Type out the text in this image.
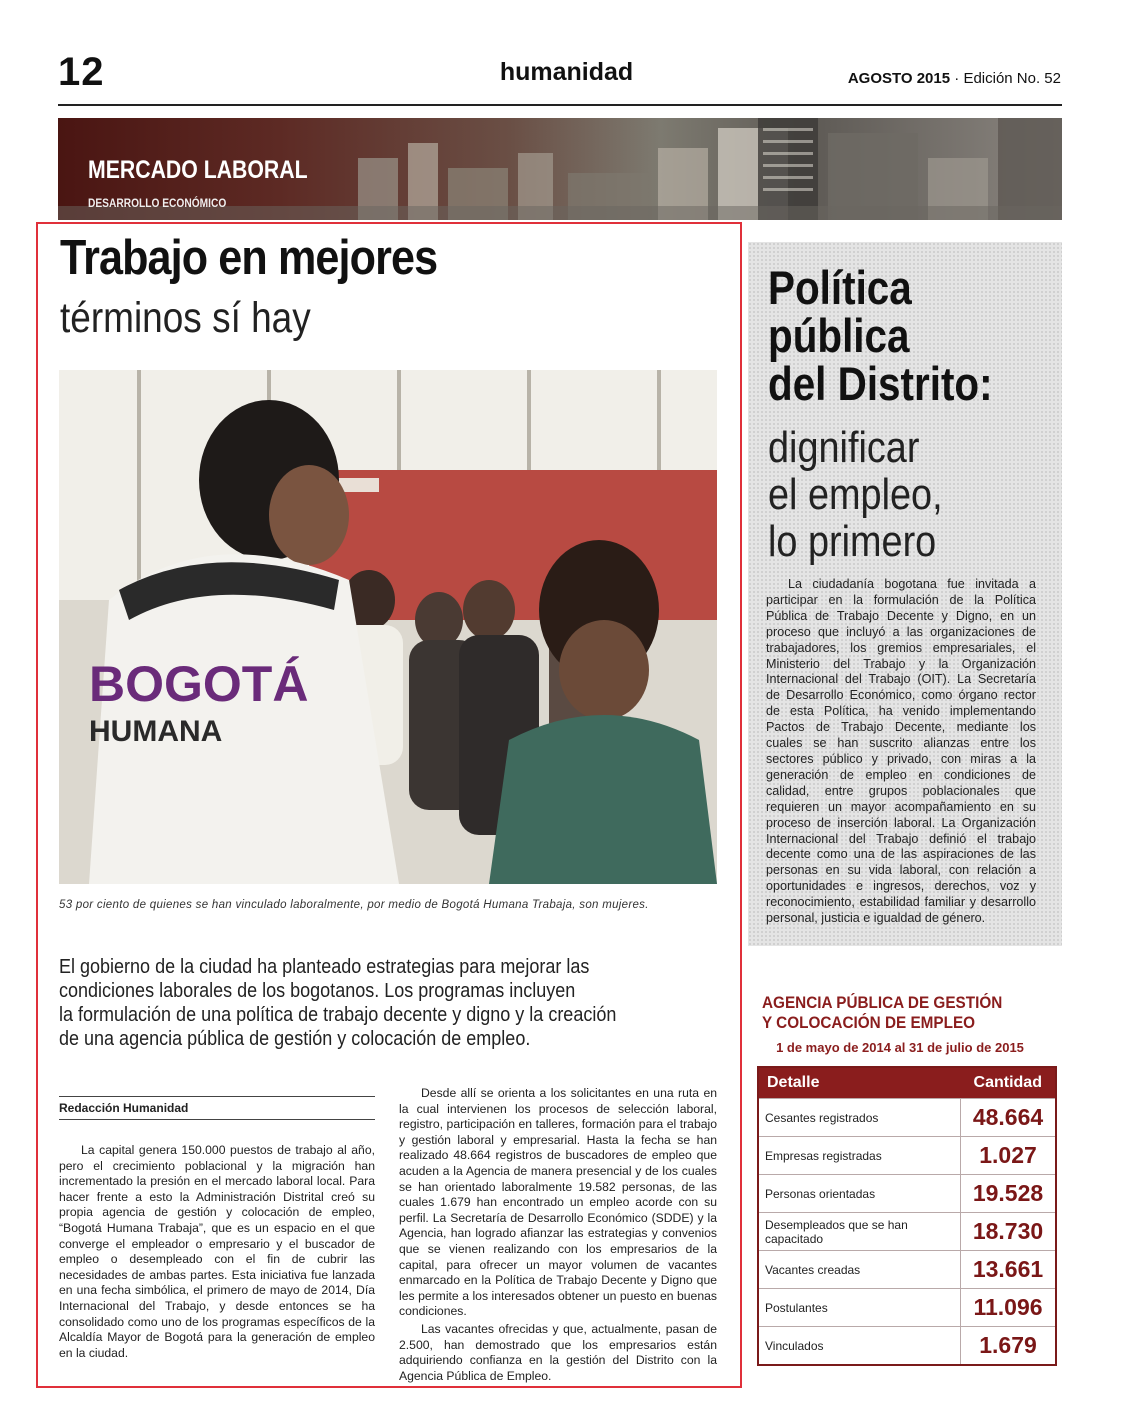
12	humanidad	AGOSTO 2015 · Edición No. 52
MERCADO LABORAL
DESARROLLO ECONÓMICO
Trabajo en mejores
términos sí hay
BOGOTÁ
HUMANA
53 por ciento de quienes se han vinculado laboralmente, por medio de Bogotá Humana Trabaja, son mujeres.
El gobierno de la ciudad ha planteado estrategias para mejorar las
condiciones laborales de los bogotanos. Los programas incluyen
la formulación de una política de trabajo decente y digno y la creación
de una agencia pública de gestión y colocación de empleo.
Redacción Humanidad

La capital genera 150.000 puestos de trabajo al año, pero el crecimiento poblacional y la migración han incrementado la presión en el mercado laboral local. Para hacer frente a esto la Administración Distrital creó su propia agencia de gestión y colocación de empleo, “Bogotá Humana Trabaja”, que es un espacio en el que converge el empleador o empresario y el buscador de empleo o desempleado con el fin de cubrir las necesidades de ambas partes. Esta iniciativa fue lanzada en una fecha simbólica, el primero de mayo de 2014, Día Internacional del Trabajo, y desde entonces se ha consolidado como uno de los programas específicos de la Alcaldía Mayor de Bogotá para la generación de empleo en la ciudad.

Desde allí se orienta a los solicitantes en una ruta en la cual intervienen los procesos de selección laboral, registro, participación en talleres, formación para el trabajo y gestión laboral y empresarial. Hasta la fecha se han realizado 48.664 registros de buscadores de empleo que acuden a la Agencia de manera presencial y de los cuales se han orientado laboralmente 19.582 personas, de las cuales 1.679 han encontrado un empleo acorde con su perfil. La Secretaría de Desarrollo Económico (SDDE) y la Agencia, han logrado afianzar las estrategias y convenios que se vienen realizando con los empresarios de la capital, para ofrecer un mayor volumen de vacantes enmarcado en la Política de Trabajo Decente y Digno que les permite a los interesados obtener un puesto en buenas condiciones.

Las vacantes ofrecidas y que, actualmente, pasan de 2.500, han demostrado que los empresarios están adquiriendo confianza en la gestión del Distrito con la Agencia Pública de Empleo.

Política
pública
del Distrito:
dignificar
el empleo,
lo primero
La ciudadanía bogotana fue invitada a participar en la formulación de la Política Pública de Trabajo Decente y Digno, en un proceso que incluyó a las organizaciones de trabajadores, los gremios empresariales, el Ministerio del Trabajo y la Organización Internacional del Trabajo (OIT). La Secretaría de Desarrollo Económico, como órgano rector de esta Política, ha venido implementando Pactos de Trabajo Decente, mediante los cuales se han suscrito alianzas entre los sectores público y privado, con miras a la generación de empleo en condiciones de calidad, entre grupos poblacionales que requieren un mayor acompañamiento en su proceso de inserción laboral. La Organización Internacional del Trabajo definió el trabajo decente como una de las aspiraciones de las personas en su vida laboral, con relación a oportunidades e ingresos, derechos, voz y reconocimiento, estabilidad familiar y desarrollo personal, justicia e igualdad de género.
AGENCIA PÚBLICA DE GESTIÓN
Y COLOCACIÓN DE EMPLEO
1 de mayo de 2014 al 31 de julio de 2015
Detalle	Cantidad
Cesantes registrados	48.664
Empresas registradas	1.027
Personas orientadas	19.528
Desempleados que se han capacitado	18.730
Vacantes creadas	13.661
Postulantes	11.096
Vinculados	1.679
